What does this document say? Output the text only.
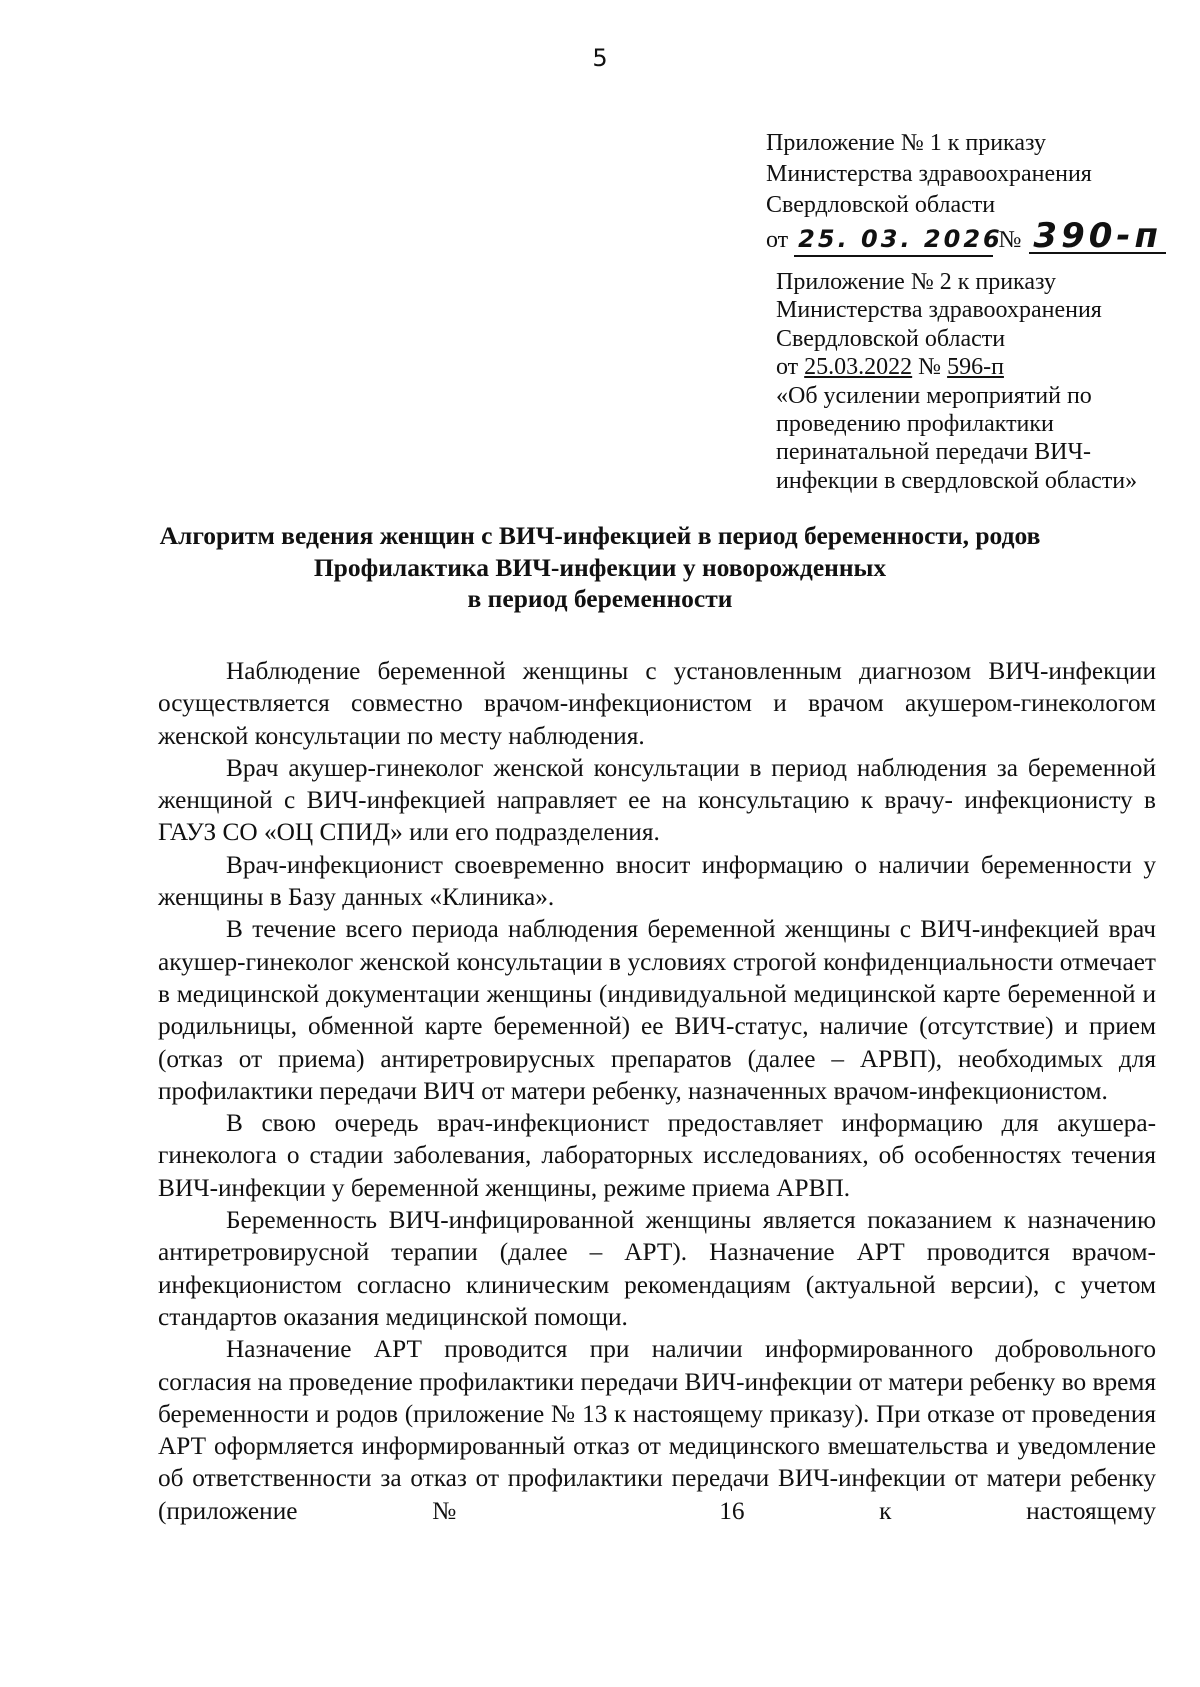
5
Приложение № 1 к приказу
Министерства здравоохранения
Свердловской области
от 25. 03. 2026
№ 390-п
Приложение № 2 к приказу
Министерства здравоохранения
Свердловской области
от 25.03.2022 № 596-п
«Об усилении мероприятий по
проведению профилактики
перинатальной передачи ВИЧ-
инфекции в свердловской области»
Алгоритм ведения женщин с ВИЧ-инфекцией в период беременности, родов
Профилактика ВИЧ-инфекции у новорожденных
в период беременности

Наблюдение беременной женщины с установленным диагнозом ВИЧ-инфекции осуществляется совместно врачом-инфекционистом и врачом акушером-гинекологом женской консультации по месту наблюдения.

Врач акушер-гинеколог женской консультации в период наблюдения за беременной женщиной с ВИЧ-инфекцией направляет ее на консультацию к врачу- инфекционисту в ГАУЗ СО «ОЦ СПИД» или его подразделения.

Врач-инфекционист своевременно вносит информацию о наличии беременности у женщины в Базу данных «Клиника».

В течение всего периода наблюдения беременной женщины с ВИЧ-инфекцией врач акушер-гинеколог женской консультации в условиях строгой конфиденциальности отмечает в медицинской документации женщины (индивидуальной медицинской карте беременной и родильницы, обменной карте беременной) ее ВИЧ-статус, наличие (отсутствие) и прием (отказ от приема) антиретровирусных препаратов (далее – АРВП), необходимых для профилактики передачи ВИЧ от матери ребенку, назначенных врачом-инфекционистом.

В свою очередь врач-инфекционист предоставляет информацию для акушера-гинеколога о стадии заболевания, лабораторных исследованиях, об особенностях течения ВИЧ-инфекции у беременной женщины, режиме приема АРВП.

Беременность ВИЧ-инфицированной женщины является показанием к назначению антиретровирусной терапии (далее – АРТ). Назначение АРТ проводится врачом-инфекционистом согласно клиническим рекомендациям (актуальной версии), с учетом стандартов оказания медицинской помощи.

Назначение АРТ проводится при наличии информированного добровольного согласия на проведение профилактики передачи ВИЧ-инфекции от матери ребенку во время беременности и родов (приложение № 13 к настоящему приказу). При отказе от проведения АРТ оформляется информированный отказ от медицинского вмешательства и уведомление об ответственности за отказ от профилактики передачи ВИЧ-инфекции от матери ребенку (приложение № 16 к настоящему
